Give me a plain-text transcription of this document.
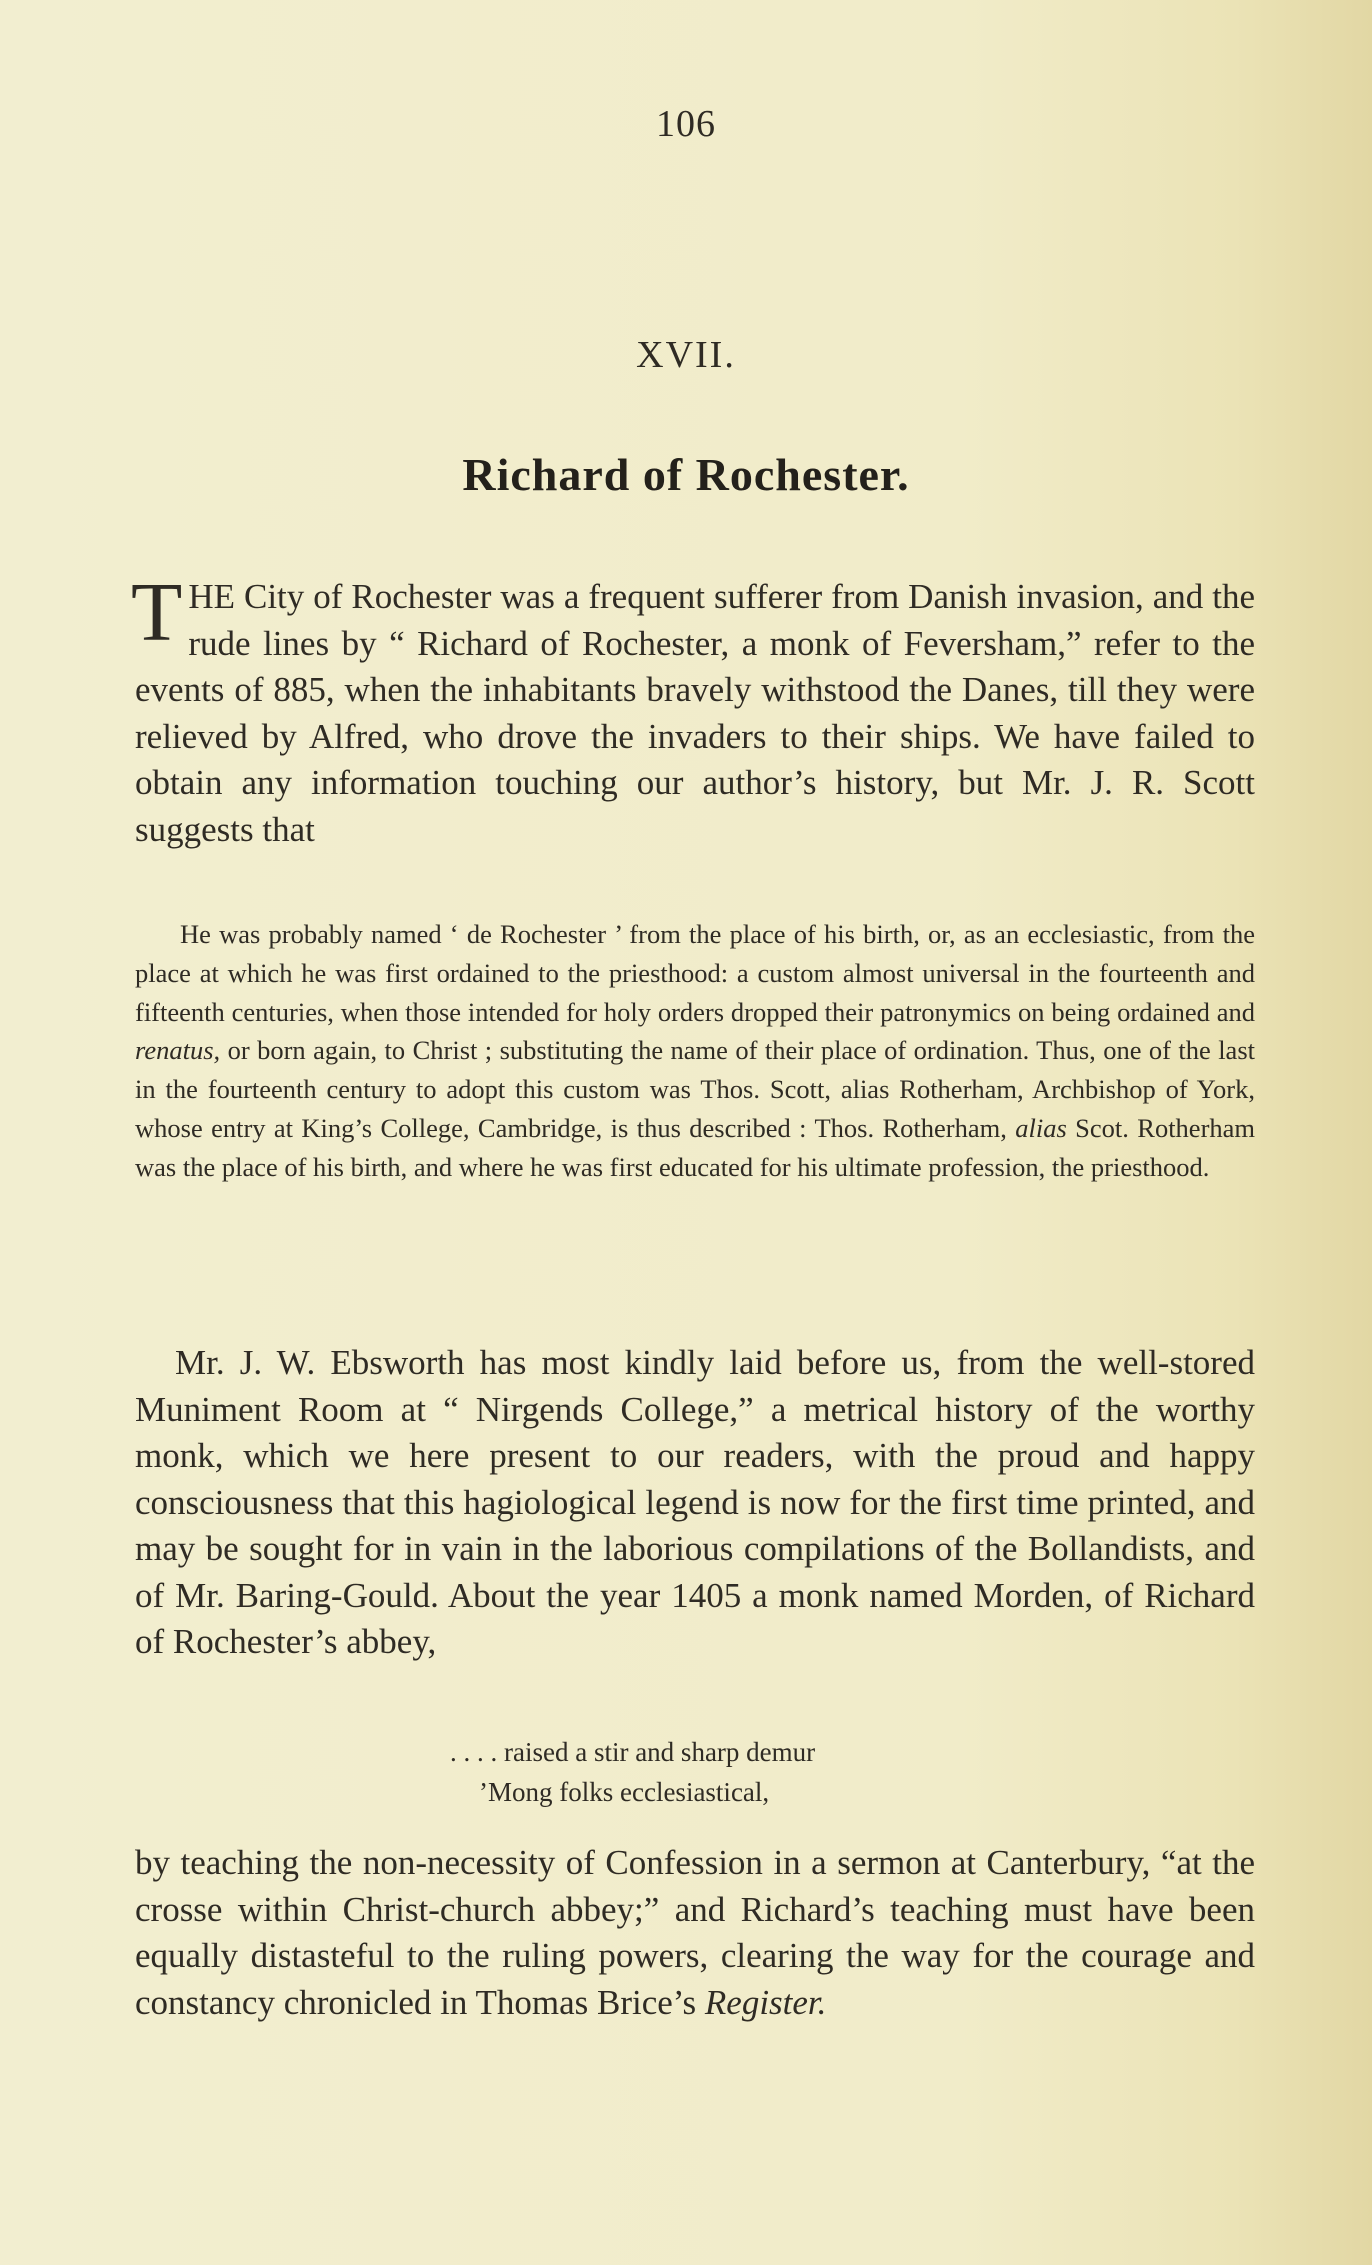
106
XVII.
Richard of Rochester.
THE City of Rochester was a frequent sufferer from Danish invasion, and the rude lines by “ Richard of Rochester, a monk of Feversham,” refer to the events of 885, when the inhabitants bravely withstood the Danes, till they were relieved by Alfred, who drove the invaders to their ships. We have failed to obtain any information touching our author’s history, but Mr. J. R. Scott suggests that
He was probably named ‘ de Rochester ’ from the place of his birth, or, as an ecclesiastic, from the place at which he was first ordained to the priesthood: a custom almost universal in the fourteenth and fifteenth centuries, when those intended for holy orders dropped their patronymics on being ordained and renatus, or born again, to Christ ; substituting the name of their place of ordination. Thus, one of the last in the fourteenth century to adopt this custom was Thos. Scott, alias Rotherham, Archbishop of York, whose entry at King’s College, Cambridge, is thus described : Thos. Rotherham, alias Scot. Rotherham was the place of his birth, and where he was first educated for his ultimate profession, the priesthood.
Mr. J. W. Ebsworth has most kindly laid before us, from the well-stored Muniment Room at “ Nirgends College,” a metrical history of the worthy monk, which we here present to our readers, with the proud and happy consciousness that this hagiological legend is now for the first time printed, and may be sought for in vain in the laborious compilations of the Bollandists, and of Mr. Baring-Gould. About the year 1405 a monk named Morden, of Richard of Rochester’s abbey,
. . . . raised a stir and sharp demur
’Mong folks ecclesiastical,
by teaching the non-necessity of Confession in a sermon at Canterbury, “at the crosse within Christ-church abbey;” and Richard’s teaching must have been equally distasteful to the ruling powers, clearing the way for the courage and constancy chronicled in Thomas Brice’s Register.
